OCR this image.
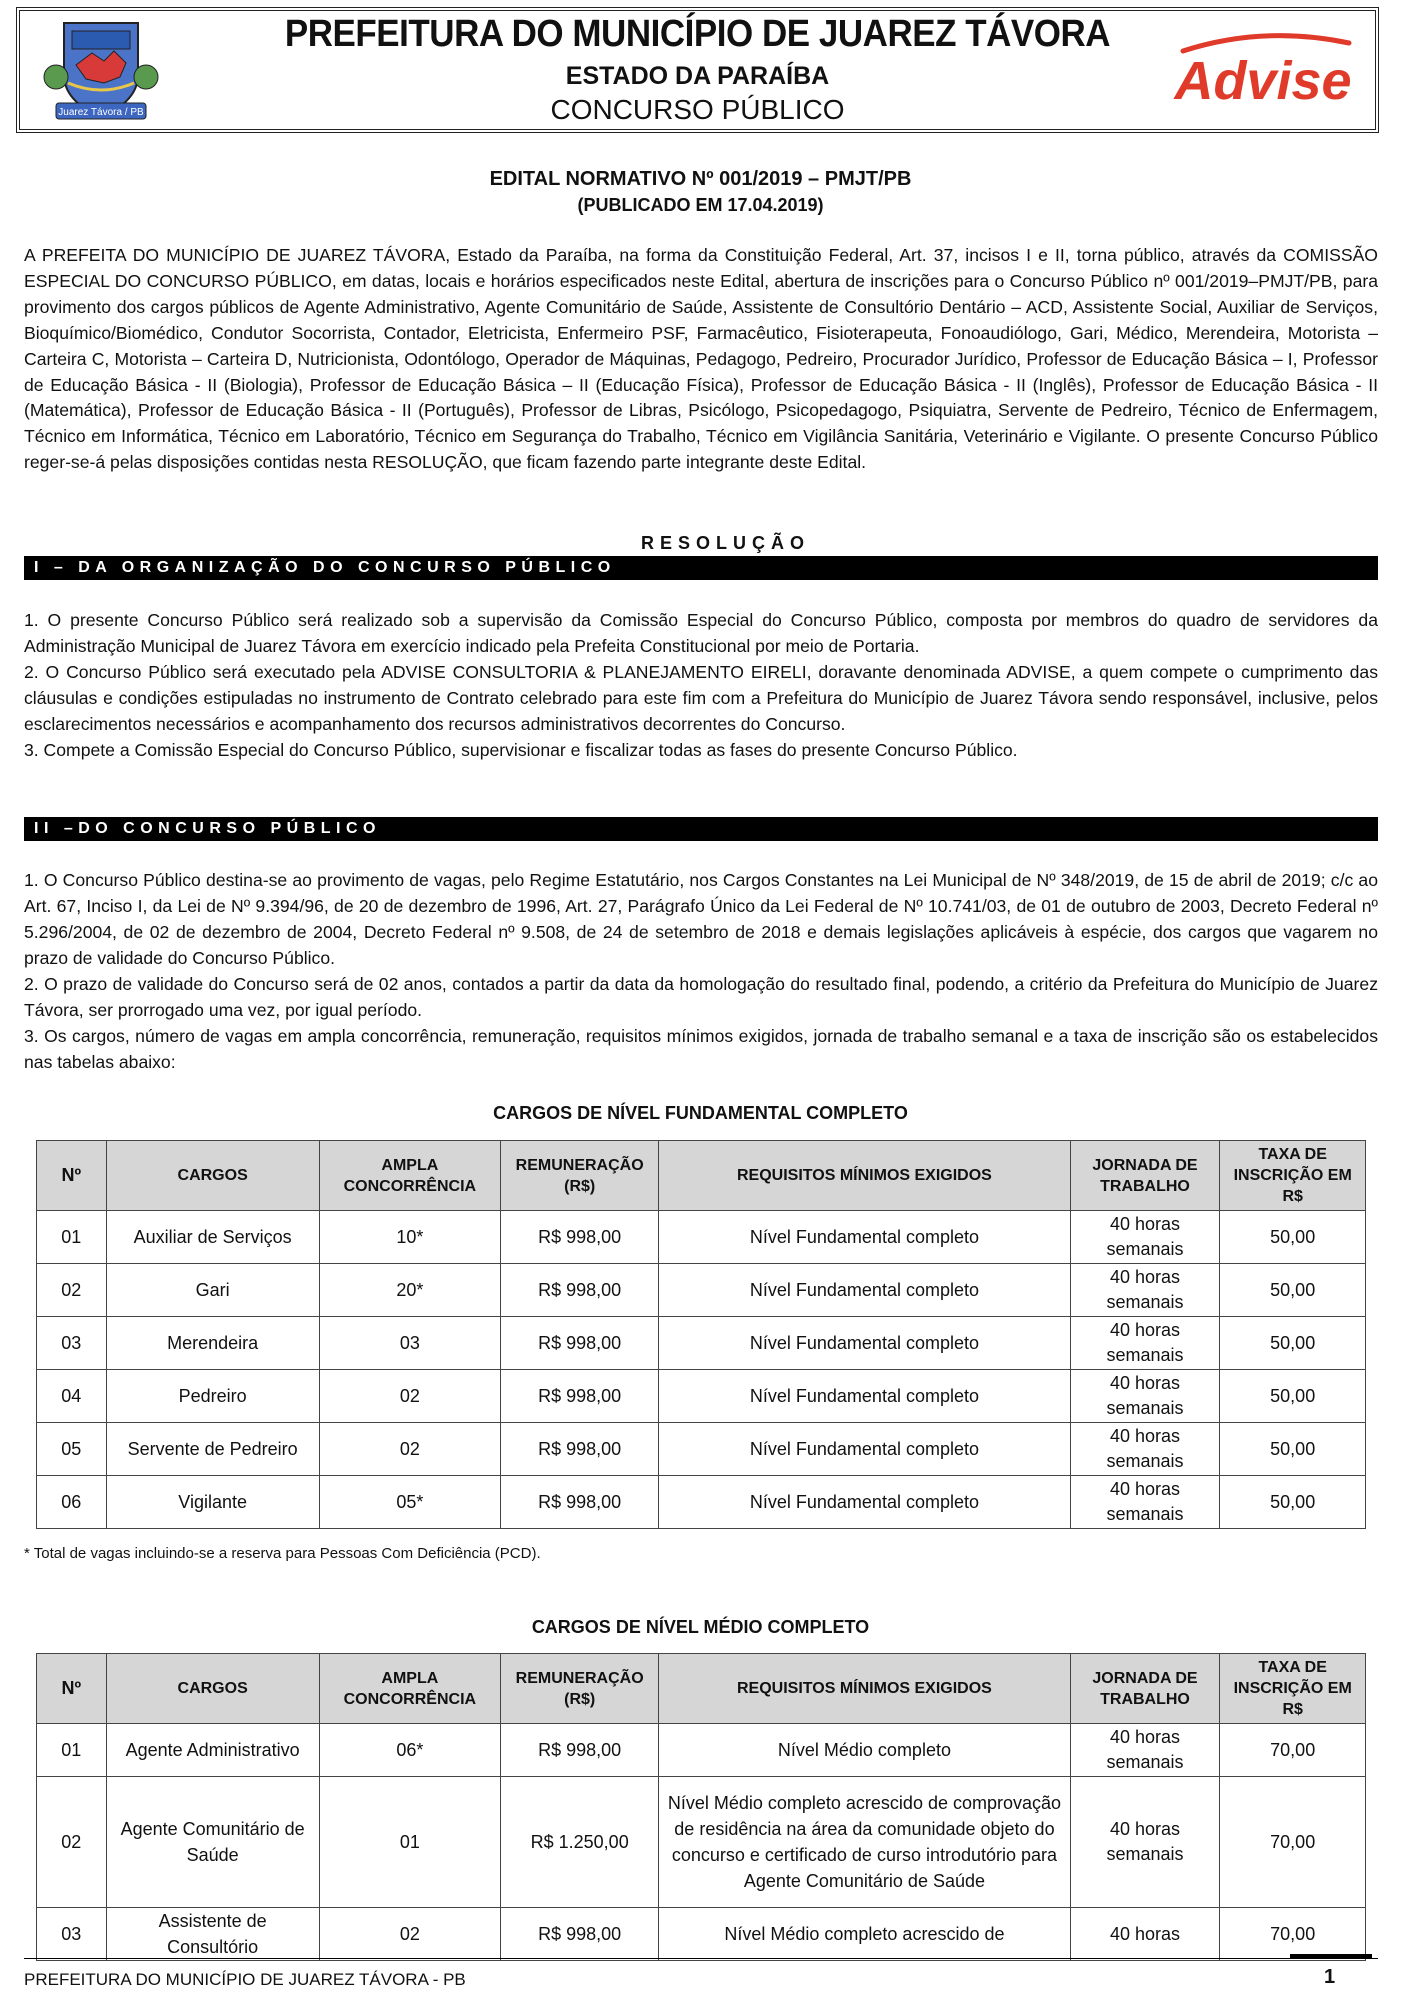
Juarez Távora / PB
PREFEITURA DO MUNICÍPIO DE JUAREZ TÁVORA
ESTADO DA PARAÍBA
CONCURSO PÚBLICO	Advise
EDITAL NORMATIVO Nº 001/2019 – PMJT/PB
(PUBLICADO EM 17.04.2019)
A PREFEITA DO MUNICÍPIO DE JUAREZ TÁVORA, Estado da Paraíba, na forma da Constituição Federal, Art. 37, incisos I e II, torna público, através da COMISSÃO ESPECIAL DO CONCURSO PÚBLICO, em datas, locais e horários especificados neste Edital, abertura de inscrições para o Concurso Público nº 001/2019–PMJT/PB, para provimento dos cargos públicos de Agente Administrativo, Agente Comunitário de Saúde, Assistente de Consultório Dentário – ACD, Assistente Social, Auxiliar de Serviços, Bioquímico/Biomédico, Condutor Socorrista, Contador, Eletricista, Enfermeiro PSF, Farmacêutico, Fisioterapeuta, Fonoaudiólogo, Gari, Médico, Merendeira, Motorista – Carteira C, Motorista – Carteira D, Nutricionista, Odontólogo, Operador de Máquinas, Pedagogo, Pedreiro, Procurador Jurídico, Professor de Educação Básica – I, Professor de Educação Básica - II (Biologia), Professor de Educação Básica – II (Educação Física), Professor de Educação Básica - II (Inglês), Professor de Educação Básica - II (Matemática), Professor de Educação Básica - II (Português), Professor de Libras, Psicólogo, Psicopedagogo, Psiquiatra, Servente de Pedreiro, Técnico de Enfermagem, Técnico em Informática, Técnico em Laboratório, Técnico em Segurança do Trabalho, Técnico em Vigilância Sanitária, Veterinário e Vigilante. O presente Concurso Público reger-se-á pelas disposições contidas nesta RESOLUÇÃO, que ficam fazendo parte integrante deste Edital.
RESOLUÇÃO
I – DA ORGANIZAÇÃO DO CONCURSO PÚBLICO
1. O presente Concurso Público será realizado sob a supervisão da Comissão Especial do Concurso Público, composta por membros do quadro de servidores da Administração Municipal de Juarez Távora em exercício indicado pela Prefeita Constitucional por meio de Portaria.
2. O Concurso Público será executado pela ADVISE CONSULTORIA & PLANEJAMENTO EIRELI, doravante denominada ADVISE, a quem compete o cumprimento das cláusulas e condições estipuladas no instrumento de Contrato celebrado para este fim com a Prefeitura do Município de Juarez Távora sendo responsável, inclusive, pelos esclarecimentos necessários e acompanhamento dos recursos administrativos decorrentes do Concurso.
3. Compete a Comissão Especial do Concurso Público, supervisionar e fiscalizar todas as fases do presente Concurso Público.
II –DO CONCURSO PÚBLICO
1. O Concurso Público destina-se ao provimento de vagas, pelo Regime Estatutário, nos Cargos Constantes na Lei Municipal de Nº 348/2019, de 15 de abril de 2019; c/c ao Art. 67, Inciso I, da Lei de Nº 9.394/96, de 20 de dezembro de 1996, Art. 27, Parágrafo Único da Lei Federal de Nº 10.741/03, de 01 de outubro de 2003, Decreto Federal nº 5.296/2004, de 02 de dezembro de 2004, Decreto Federal nº 9.508, de 24 de setembro de 2018 e demais legislações aplicáveis à espécie, dos cargos que vagarem no prazo de validade do Concurso Público.
2. O prazo de validade do Concurso será de 02 anos, contados a partir da data da homologação do resultado final, podendo, a critério da Prefeitura do Município de Juarez Távora, ser prorrogado uma vez, por igual período.
3. Os cargos, número de vagas em ampla concorrência, remuneração, requisitos mínimos exigidos, jornada de trabalho semanal e a taxa de inscrição são os estabelecidos nas tabelas abaixo:
CARGOS DE NÍVEL FUNDAMENTAL COMPLETO
Nº	CARGOS	AMPLA CONCORRÊNCIA	REMUNERAÇÃO (R$)	REQUISITOS MÍNIMOS EXIGIDOS	JORNADA DE TRABALHO	TAXA DE INSCRIÇÃO EM R$
01	Auxiliar de Serviços	10*	R$ 998,00	Nível Fundamental completo	40 horas semanais	50,00
02	Gari	20*	R$ 998,00	Nível Fundamental completo	40 horas semanais	50,00
03	Merendeira	03	R$ 998,00	Nível Fundamental completo	40 horas semanais	50,00
04	Pedreiro	02	R$ 998,00	Nível Fundamental completo	40 horas semanais	50,00
05	Servente de Pedreiro	02	R$ 998,00	Nível Fundamental completo	40 horas semanais	50,00
06	Vigilante	05*	R$ 998,00	Nível Fundamental completo	40 horas semanais	50,00
* Total de vagas incluindo-se a reserva para Pessoas Com Deficiência (PCD).
CARGOS DE NÍVEL MÉDIO COMPLETO
Nº	CARGOS	AMPLA CONCORRÊNCIA	REMUNERAÇÃO (R$)	REQUISITOS MÍNIMOS EXIGIDOS	JORNADA DE TRABALHO	TAXA DE INSCRIÇÃO EM R$
01	Agente Administrativo	06*	R$ 998,00	Nível Médio completo	40 horas semanais	70,00
02	Agente Comunitário de Saúde	01	R$ 1.250,00	Nível Médio completo acrescido de comprovação de residência na área da comunidade objeto do concurso e certificado de curso introdutório para Agente Comunitário de Saúde	40 horas semanais	70,00
03	Assistente de Consultório	02	R$ 998,00	Nível Médio completo acrescido de	40 horas	70,00
PREFEITURA DO MUNICÍPIO DE JUAREZ TÁVORA - PB	1
